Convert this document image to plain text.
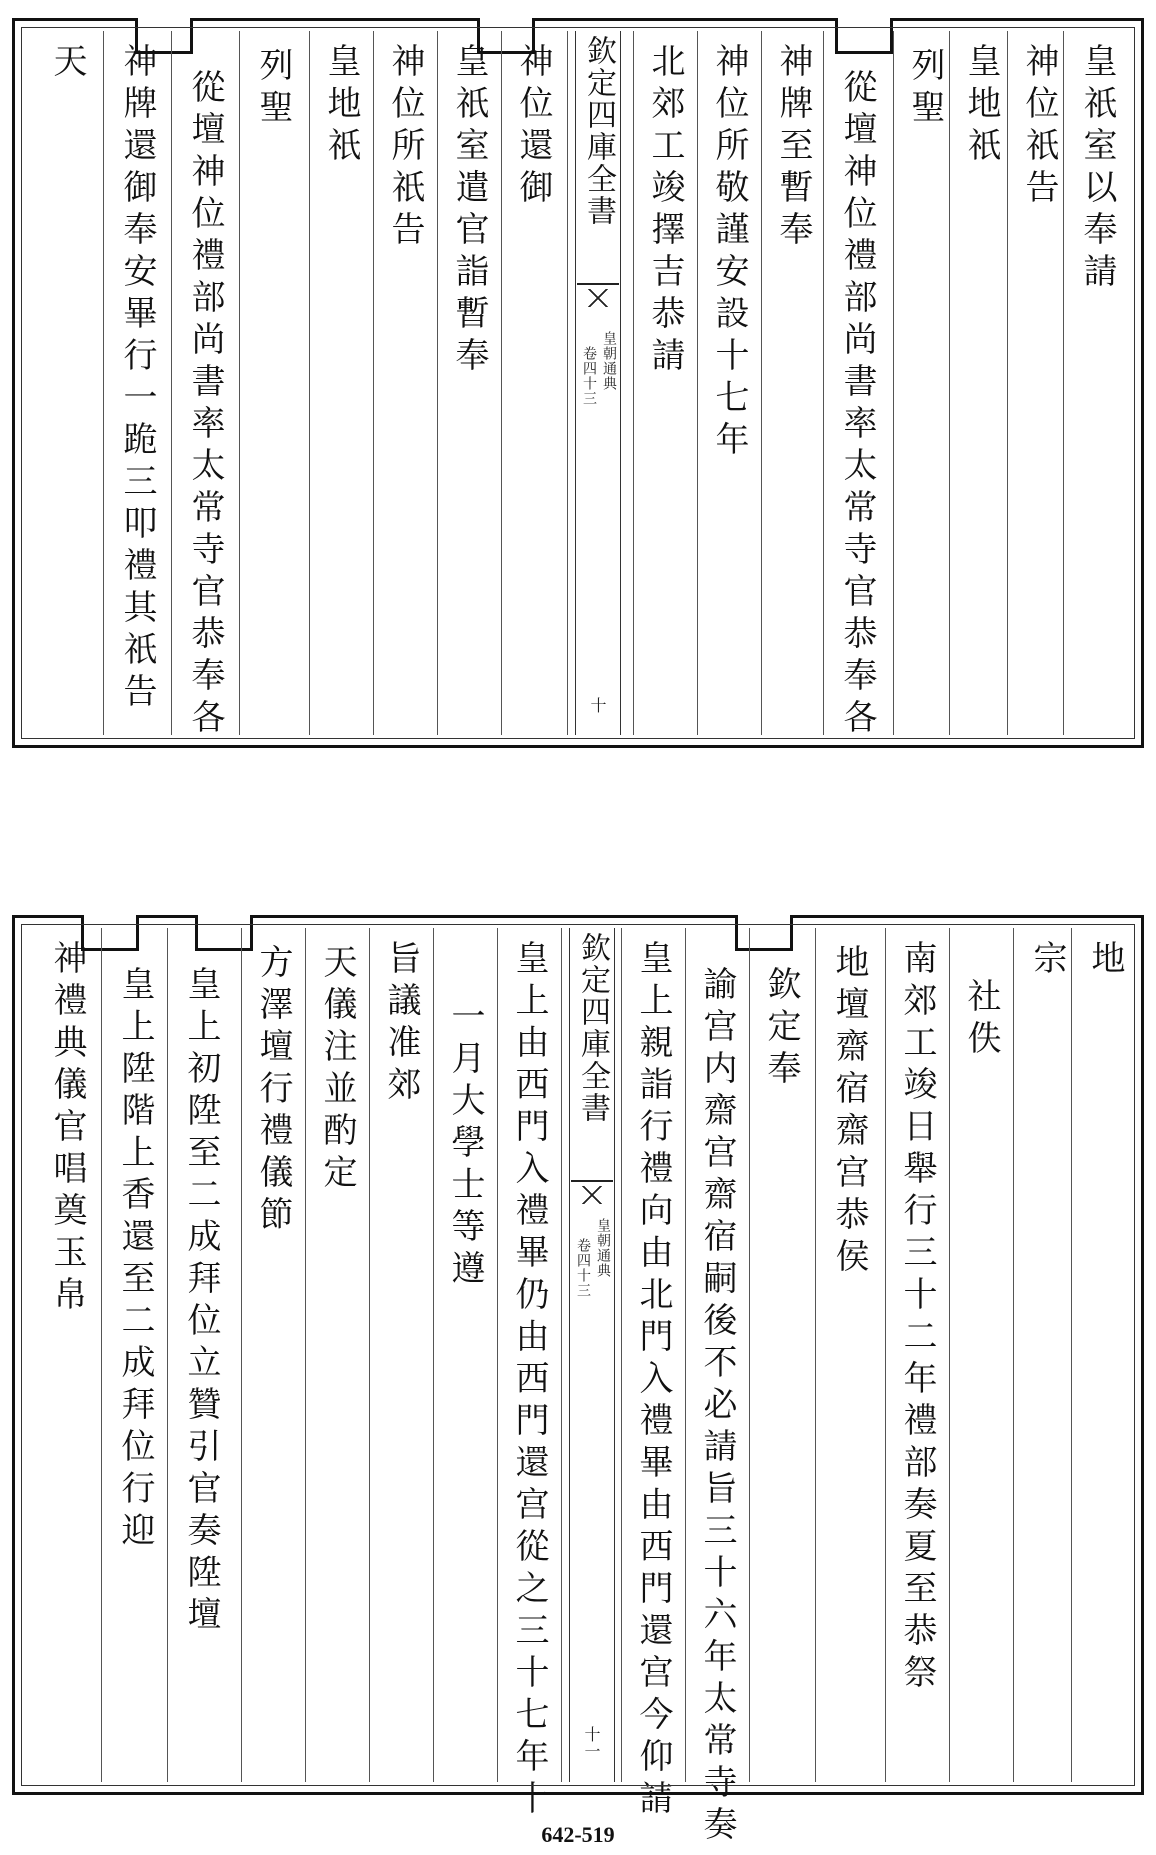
皇祇室以奉請
神位祇告
皇地祇
列聖
從壇神位禮部尚書率太常寺官恭奉各
神牌至暫奉
神位所敬謹安設十七年
北郊工竣擇吉恭請
欽定四庫全書
皇朝通典
卷四十三
十
神位還御
皇祇室遣官詣暫奉
神位所祇告
皇地祇
列聖
從壇神位禮部尚書率太常寺官恭奉各
神牌還御奉安畢行一跪三叩禮其祇告
天
地
宗
社佚
南郊工竣日舉行三十二年禮部奏夏至恭祭
地壇齋宿齋宫恭侯
欽定奉
諭宫内齋宫齋宿嗣後不必請旨三十六年太常寺奏
皇上親詣行禮向由北門入禮畢由西門還宫今仰請
欽定四庫全書
皇朝通典
卷四十三
十一
皇上由西門入禮畢仍由西門還宫從之三十七年十
一月大學士等遵
旨議准郊
天儀注並酌定
方澤壇行禮儀節
皇上初陞至二成拜位立贊引官奏陞壇
皇上陞階上香還至二成拜位行迎
神禮典儀官唱奠玉帛
642-519
